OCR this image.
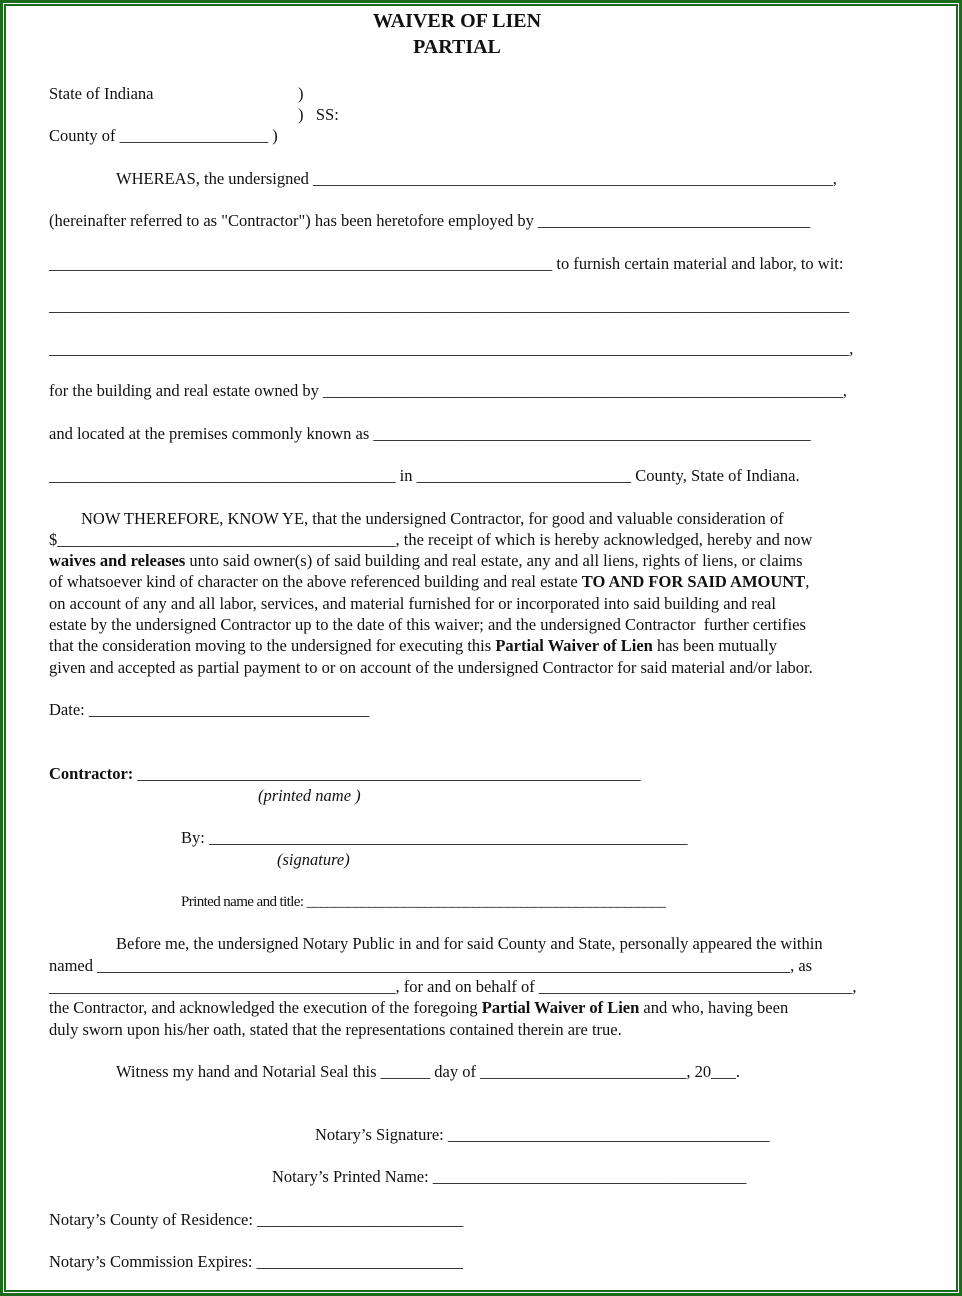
WAIVER OF LIEN
PARTIAL
State of Indiana	)
)   SS:
County of __________________ )
WHEREAS, the undersigned _______________________________________________________________,
(hereinafter referred to as "Contractor") has been heretofore employed by _________________________________
_____________________________________________________________ to furnish certain material and labor, to wit:
_________________________________________________________________________________________________
_________________________________________________________________________________________________,
for the building and real estate owned by _______________________________________________________________,
and located at the premises commonly known as _____________________________________________________
__________________________________________ in __________________________ County, State of Indiana.
NOW THEREFORE, KNOW YE, that the undersigned Contractor, for good and valuable consideration of
$_________________________________________, the receipt of which is hereby acknowledged, hereby and now
waives and releases unto said owner(s) of said building and real estate, any and all liens, rights of liens, or claims
of whatsoever kind of character on the above referenced building and real estate TO AND FOR SAID AMOUNT,
on account of any and all labor, services, and material furnished for or incorporated into said building and real
estate by the undersigned Contractor up to the date of this waiver; and the undersigned Contractor  further certifies
that the consideration moving to the undersigned for executing this Partial Waiver of Lien has been mutually
given and accepted as partial payment to or on account of the undersigned Contractor for said material and/or labor.
Date: __________________________________
Contractor: _____________________________________________________________
(printed name )
By: __________________________________________________________
(signature)
Printed name and title: ____________________________________________________
Before me, the undersigned Notary Public in and for said County and State, personally appeared the within
named ____________________________________________________________________________________, as
__________________________________________, for and on behalf of ______________________________________,
the Contractor, and acknowledged the execution of the foregoing Partial Waiver of Lien and who, having been
duly sworn upon his/her oath, stated that the representations contained therein are true.
Witness my hand and Notarial Seal this ______ day of _________________________, 20___.
Notary’s Signature: _______________________________________
Notary’s Printed Name: ______________________________________
Notary’s County of Residence: _________________________
Notary’s Commission Expires: _________________________
